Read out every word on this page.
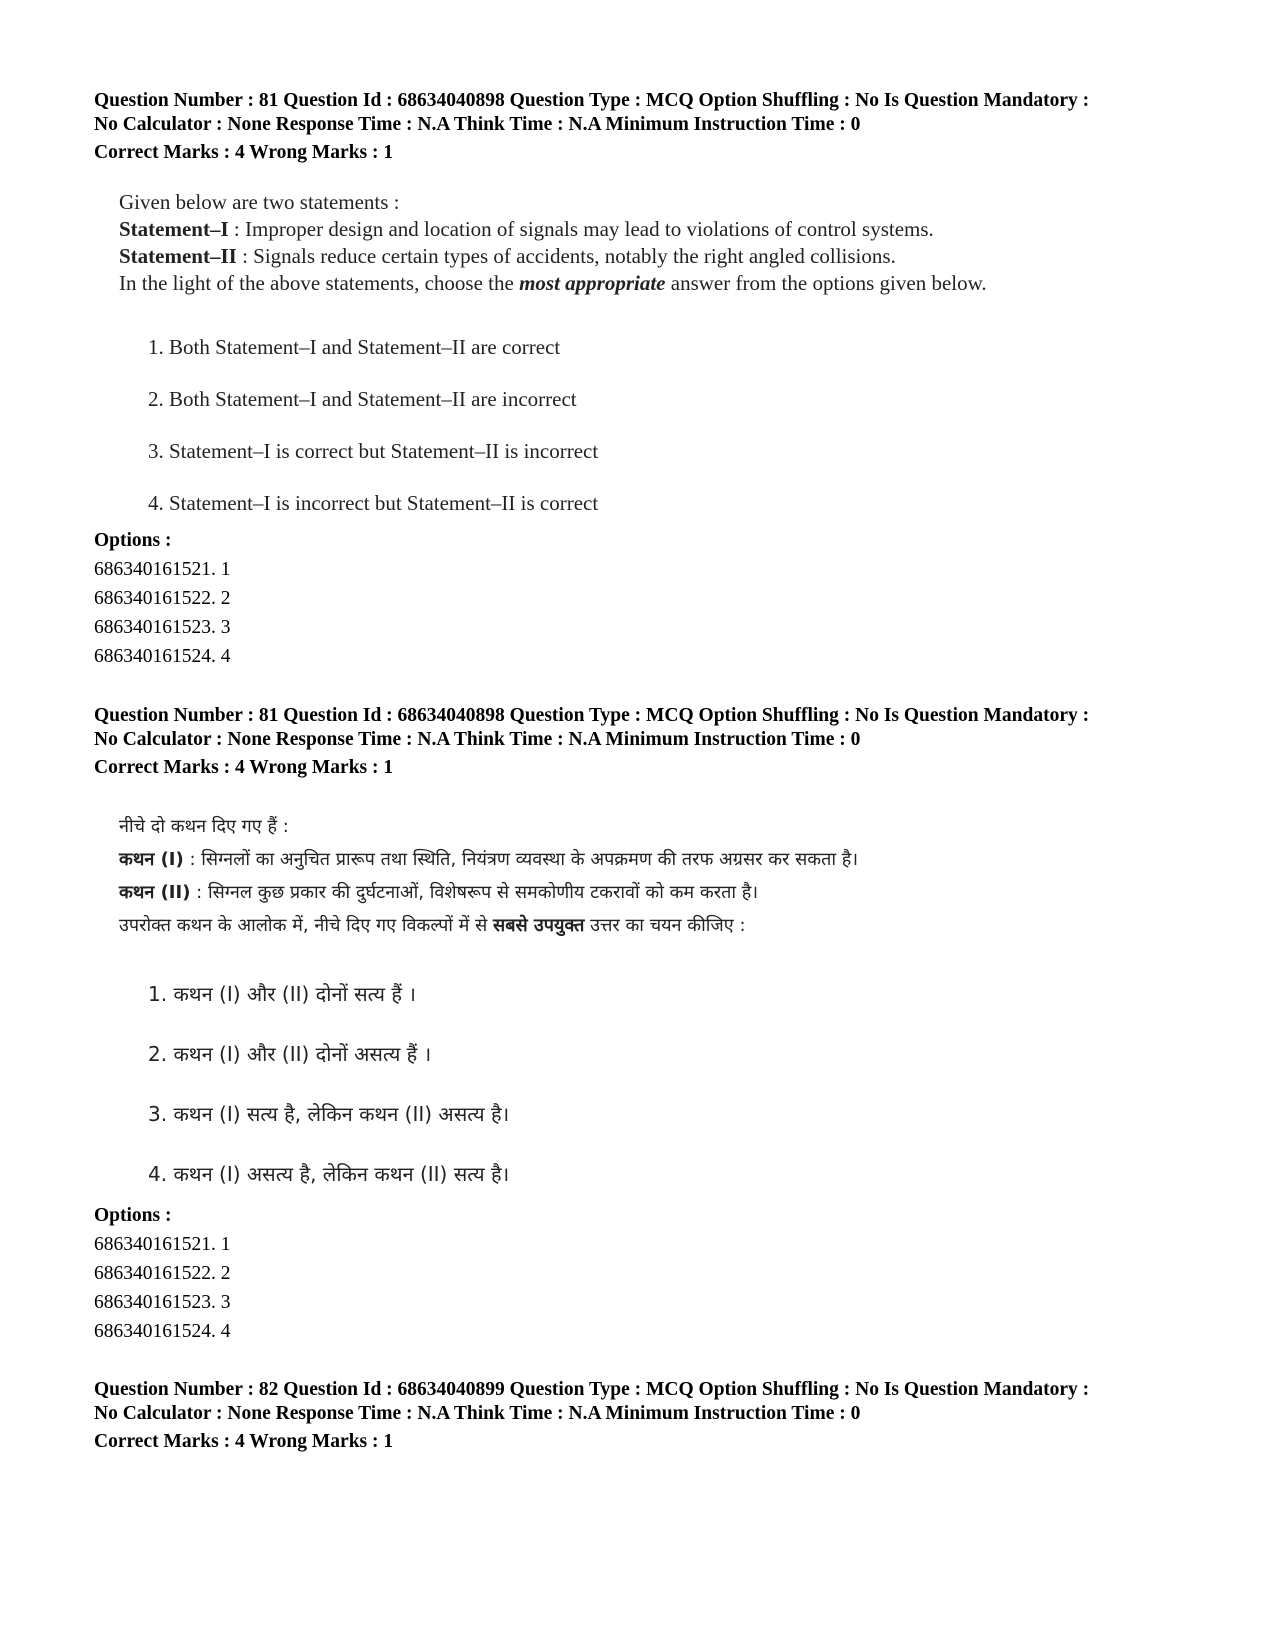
Question Number : 81 Question Id : 68634040898 Question Type : MCQ Option Shuffling : No Is Question Mandatory :
No Calculator : None Response Time : N.A Think Time : N.A Minimum Instruction Time : 0
Correct Marks : 4 Wrong Marks : 1
Given below are two statements :
Statement–I : Improper design and location of signals may lead to violations of control systems.
Statement–II : Signals reduce certain types of accidents, notably the right angled collisions.
In the light of the above statements, choose the most appropriate answer from the options given below.
1. Both Statement–I and Statement–II are correct
2. Both Statement–I and Statement–II are incorrect
3. Statement–I is correct but Statement–II is incorrect
4. Statement–I is incorrect but Statement–II is correct
Options :
686340161521. 1
686340161522. 2
686340161523. 3
686340161524. 4
Question Number : 81 Question Id : 68634040898 Question Type : MCQ Option Shuffling : No Is Question Mandatory :
No Calculator : None Response Time : N.A Think Time : N.A Minimum Instruction Time : 0
Correct Marks : 4 Wrong Marks : 1
नीचे दो कथन दिए गए हैं :
कथन (I) : सिग्नलों का अनुचित प्रारूप तथा स्थिति, नियंत्रण व्यवस्था के अपक्रमण की तरफ अग्रसर कर सकता है।
कथन (II) : सिग्नल कुछ प्रकार की दुर्घटनाओं, विशेषरूप से समकोणीय टकरावों को कम करता है।
उपरोक्त कथन के आलोक में, नीचे दिए गए विकल्पों में से सबसे उपयुक्त उत्तर का चयन कीजिए :
1. कथन (I) और (II) दोनों सत्य हैं ।
2. कथन (I) और (II) दोनों असत्य हैं ।
3. कथन (I) सत्य है, लेकिन कथन (II) असत्य है।
4. कथन (I) असत्य है, लेकिन कथन (II) सत्य है।
Options :
686340161521. 1
686340161522. 2
686340161523. 3
686340161524. 4
Question Number : 82 Question Id : 68634040899 Question Type : MCQ Option Shuffling : No Is Question Mandatory :
No Calculator : None Response Time : N.A Think Time : N.A Minimum Instruction Time : 0
Correct Marks : 4 Wrong Marks : 1
